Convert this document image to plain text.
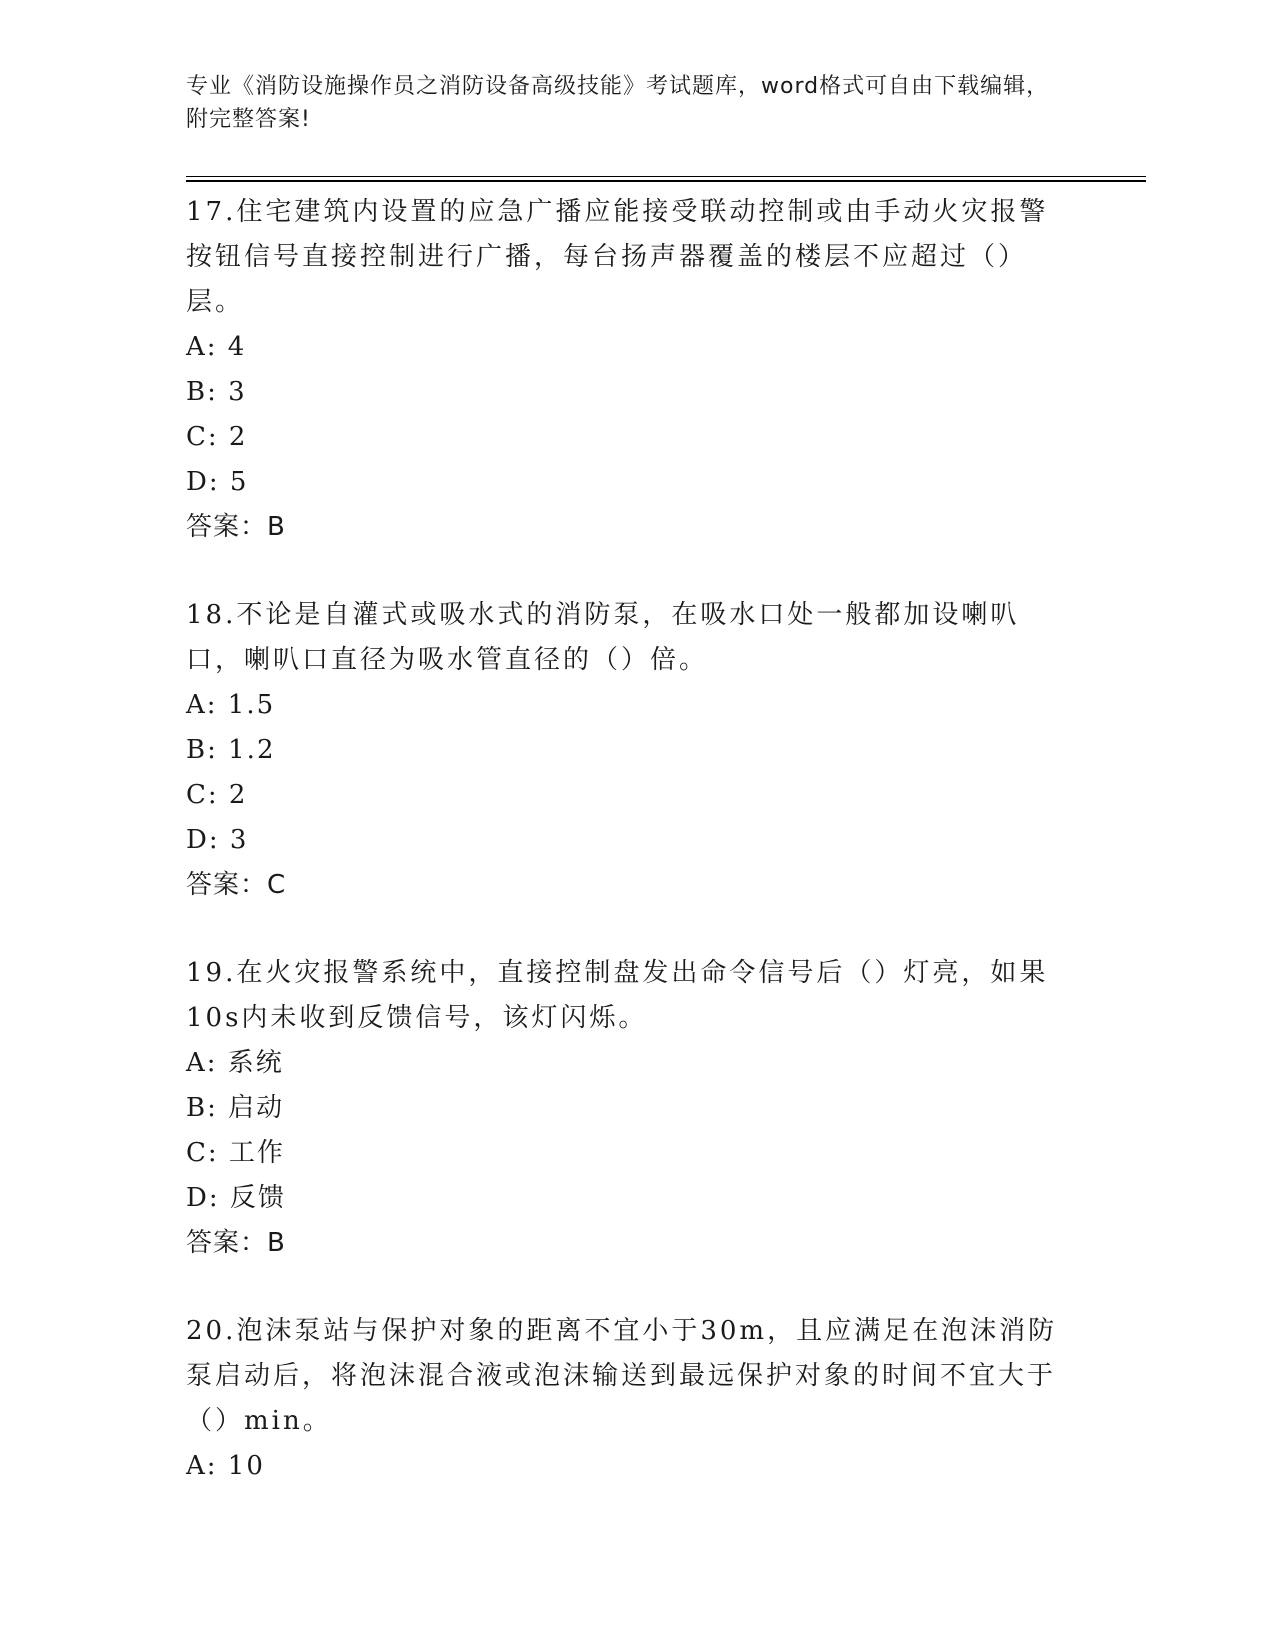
专业《消防设施操作员之消防设备高级技能》考试题库，word格式可自由下载编辑，附完整答案!

17.住宅建筑内设置的应急广播应能接受联动控制或由手动火灾报警按钮信号直接控制进行广播，每台扬声器覆盖的楼层不应超过（）层。

A: 4

B: 3

C: 2

D: 5

答案：B

18.不论是自灌式或吸水式的消防泵，在吸水口处一般都加设喇叭口，喇叭口直径为吸水管直径的（）倍。

A: 1.5

B: 1.2

C: 2

D: 3

答案：C

19.在火灾报警系统中，直接控制盘发出命令信号后（）灯亮，如果10s内未收到反馈信号，该灯闪烁。

A: 系统

B: 启动

C: 工作

D: 反馈

答案：B

20.泡沫泵站与保护对象的距离不宜小于30m，且应满足在泡沫消防泵启动后，将泡沫混合液或泡沫输送到最远保护对象的时间不宜大于（）min。

A: 10
